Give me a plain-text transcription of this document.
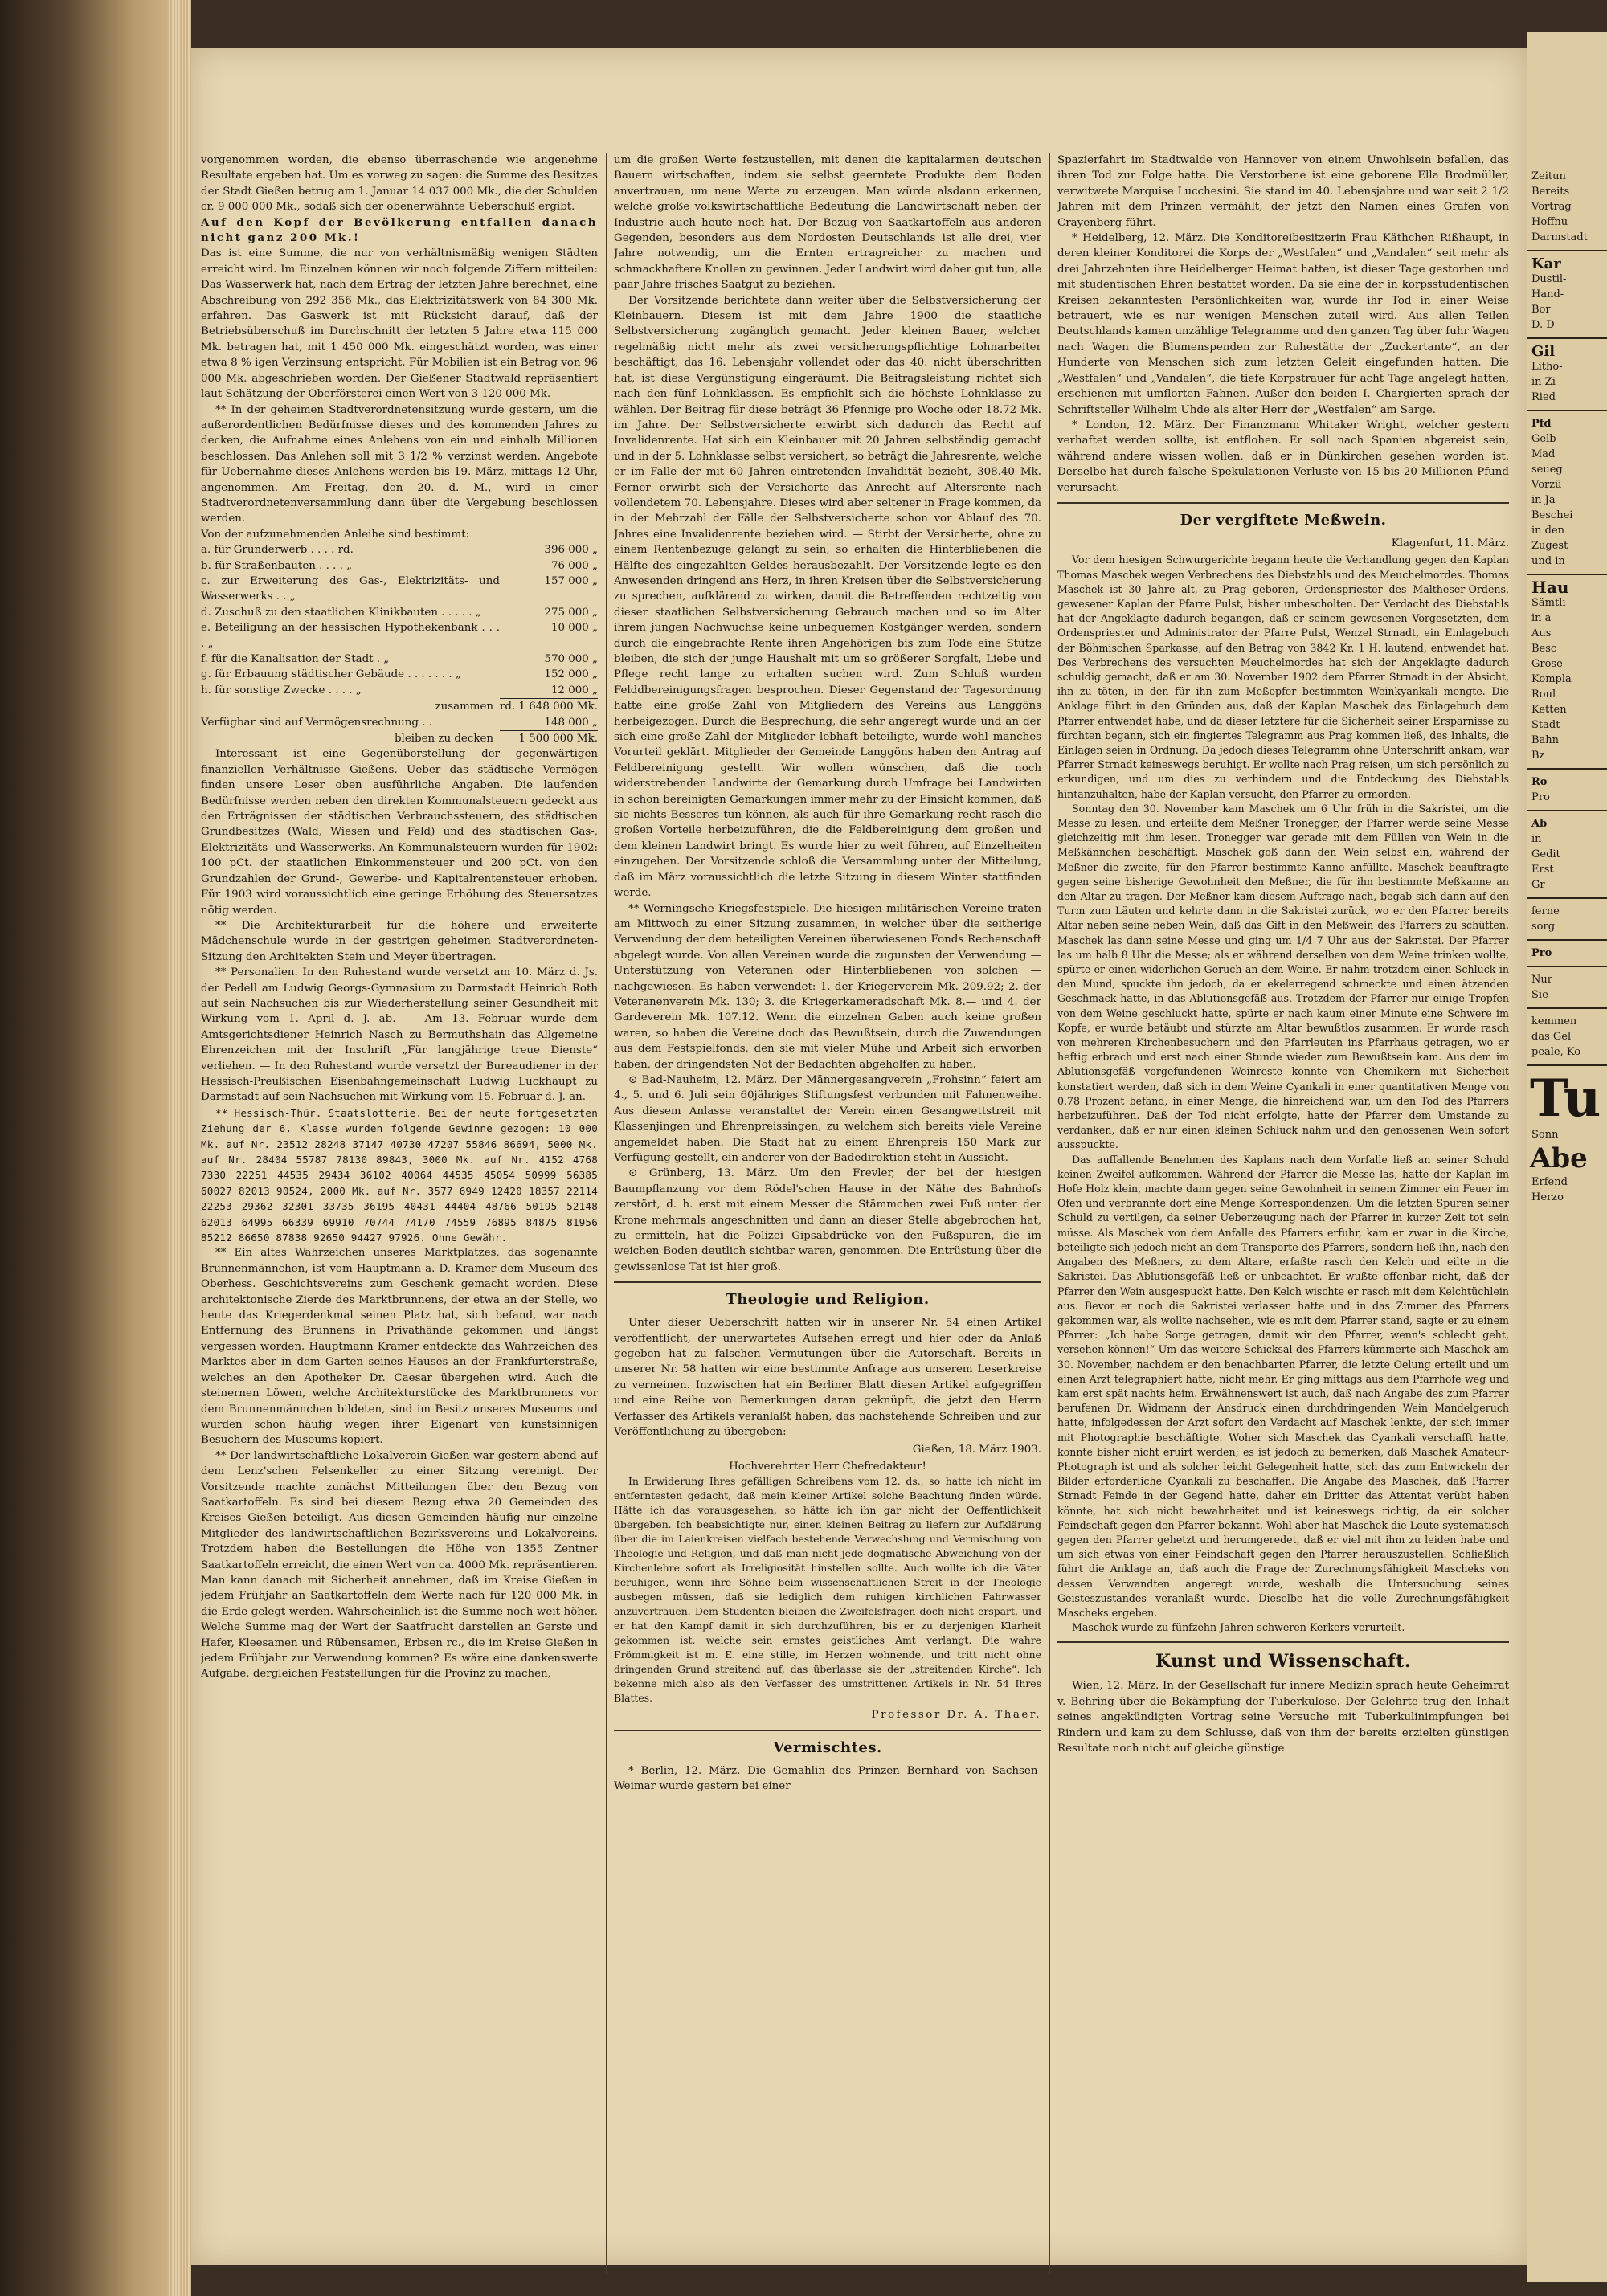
vorgenommen worden, die ebenso überraschende wie angenehme Resultate ergeben hat. Um es vorweg zu sagen: die Summe des Besitzes der Stadt Gießen betrug am 1. Januar 14 037 000 Mk., die der Schulden cr. 9 000 000 Mk., sodaß sich der obenerwähnte Ueberschuß ergibt.

Auf den Kopf der Bevölkerung entfallen danach nicht ganz 200 Mk.!

Das ist eine Summe, die nur von verhältnismäßig wenigen Städten erreicht wird. Im Einzelnen können wir noch folgende Ziffern mitteilen: Das Wasserwerk hat, nach dem Ertrag der letzten Jahre berechnet, eine Abschreibung von 292 356 Mk., das Elektrizitätswerk von 84 300 Mk. erfahren. Das Gaswerk ist mit Rücksicht darauf, daß der Betriebsüberschuß im Durchschnitt der letzten 5 Jahre etwa 115 000 Mk. betragen hat, mit 1 450 000 Mk. eingeschätzt worden, was einer etwa 8 % igen Verzinsung entspricht. Für Mobilien ist ein Betrag von 96 000 Mk. abgeschrieben worden. Der Gießener Stadtwald repräsentiert laut Schätzung der Oberförsterei einen Wert von 3 120 000 Mk.

** In der geheimen Stadtverordnetensitzung wurde gestern, um die außerordentlichen Bedürfnisse dieses und des kommenden Jahres zu decken, die Aufnahme eines Anlehens von ein und einhalb Millionen beschlossen. Das Anlehen soll mit 3 1/2 % verzinst werden. Angebote für Uebernahme dieses Anlehens werden bis 19. März, mittags 12 Uhr, angenommen. Am Freitag, den 20. d. M., wird in einer Stadtverordnetenversammlung dann über die Vergebung beschlossen werden.

Von der aufzunehmenden Anleihe sind bestimmt:

a. für Grunderwerb . . . . rd.	396 000 „
b. für Straßenbauten . . . . „	76 000 „
c. zur Erweiterung des Gas-, Elektrizitäts- und Wasserwerks . . „	157 000 „
d. Zuschuß zu den staatlichen Klinikbauten . . . . . „	275 000 „
e. Beteiligung an der hessischen Hypothekenbank . . . . „	10 000 „
f. für die Kanalisation der Stadt . „	570 000 „
g. für Erbauung städtischer Gebäude . . . . . . . „	152 000 „
h. für sonstige Zwecke . . . . „	12 000 „
zusammen	rd. 1 648 000 Mk.
Verfügbar sind auf Vermögensrechnung . .	148 000 „
bleiben zu decken	1 500 000 Mk.

Interessant ist eine Gegenüberstellung der gegenwärtigen finanziellen Verhältnisse Gießens. Ueber das städtische Vermögen finden unsere Leser oben ausführliche Angaben. Die laufenden Bedürfnisse werden neben den direkten Kommunalsteuern gedeckt aus den Erträgnissen der städtischen Verbrauchssteuern, des städtischen Grundbesitzes (Wald, Wiesen und Feld) und des städtischen Gas-, Elektrizitäts- und Wasserwerks. An Kommunalsteuern wurden für 1902: 100 pCt. der staatlichen Einkommensteuer und 200 pCt. von den Grundzahlen der Grund-, Gewerbe- und Kapitalrentensteuer erhoben. Für 1903 wird voraussichtlich eine geringe Erhöhung des Steuersatzes nötig werden.

** Die Architekturarbeit für die höhere und erweiterte Mädchenschule wurde in der gestrigen geheimen Stadtverordneten-Sitzung den Architekten Stein und Meyer übertragen.

** Personalien. In den Ruhestand wurde versetzt am 10. März d. Js. der Pedell am Ludwig Georgs-Gymnasium zu Darmstadt Heinrich Roth auf sein Nachsuchen bis zur Wiederherstellung seiner Gesundheit mit Wirkung vom 1. April d. J. ab. — Am 13. Februar wurde dem Amtsgerichtsdiener Heinrich Nasch zu Bermuthshain das Allgemeine Ehrenzeichen mit der Inschrift „Für langjährige treue Dienste“ verliehen. — In den Ruhestand wurde versetzt der Bureaudiener in der Hessisch-Preußischen Eisenbahngemeinschaft Ludwig Luckhaupt zu Darmstadt auf sein Nachsuchen mit Wirkung vom 15. Februar d. J. an.

** Hessisch-Thür. Staatslotterie. Bei der heute fortgesetzten Ziehung der 6. Klasse wurden folgende Gewinne gezogen: 10 000 Mk. auf Nr. 23512 28248 37147 40730 47207 55846 86694, 5000 Mk. auf Nr. 28404 55787 78130 89843, 3000 Mk. auf Nr. 4152 4768 7330 22251 44535 29434 36102 40064 44535 45054 50999 56385 60027 82013 90524, 2000 Mk. auf Nr. 3577 6949 12420 18357 22114 22253 29362 32301 33735 36195 40431 44404 48766 50195 52148 62013 64995 66339 69910 70744 74170 74559 76895 84875 81956 85212 86650 87838 92650 94427 97926. Ohne Gewähr.

** Ein altes Wahrzeichen unseres Marktplatzes, das sogenannte Brunnenmännchen, ist vom Hauptmann a. D. Kramer dem Museum des Oberhess. Geschichtsvereins zum Geschenk gemacht worden. Diese architektonische Zierde des Marktbrunnens, der etwa an der Stelle, wo heute das Kriegerdenkmal seinen Platz hat, sich befand, war nach Entfernung des Brunnens in Privathände gekommen und längst vergessen worden. Hauptmann Kramer entdeckte das Wahrzeichen des Marktes aber in dem Garten seines Hauses an der Frankfurterstraße, welches an den Apotheker Dr. Caesar übergehen wird. Auch die steinernen Löwen, welche Architekturstücke des Marktbrunnens vor dem Brunnenmännchen bildeten, sind im Besitz unseres Museums und wurden schon häufig wegen ihrer Eigenart von kunstsinnigen Besuchern des Museums kopiert.

** Der landwirtschaftliche Lokalverein Gießen war gestern abend auf dem Lenz'schen Felsenkeller zu einer Sitzung vereinigt. Der Vorsitzende machte zunächst Mitteilungen über den Bezug von Saatkartoffeln. Es sind bei diesem Bezug etwa 20 Gemeinden des Kreises Gießen beteiligt. Aus diesen Gemeinden häufig nur einzelne Mitglieder des landwirtschaftlichen Bezirksvereins und Lokalvereins. Trotzdem haben die Bestellungen die Höhe von 1355 Zentner Saatkartoffeln erreicht, die einen Wert von ca. 4000 Mk. repräsentieren. Man kann danach mit Sicherheit annehmen, daß im Kreise Gießen in jedem Frühjahr an Saatkartoffeln dem Werte nach für 120 000 Mk. in die Erde gelegt werden. Wahrscheinlich ist die Summe noch weit höher. Welche Summe mag der Wert der Saatfrucht darstellen an Gerste und Hafer, Kleesamen und Rübensamen, Erbsen rc., die im Kreise Gießen in jedem Frühjahr zur Verwendung kommen? Es wäre eine dankenswerte Aufgabe, dergleichen Feststellungen für die Provinz zu machen,

um die großen Werte festzustellen, mit denen die kapitalarmen deutschen Bauern wirtschaften, indem sie selbst geerntete Produkte dem Boden anvertrauen, um neue Werte zu erzeugen. Man würde alsdann erkennen, welche große volkswirtschaftliche Bedeutung die Landwirtschaft neben der Industrie auch heute noch hat. Der Bezug von Saatkartoffeln aus anderen Gegenden, besonders aus dem Nordosten Deutschlands ist alle drei, vier Jahre notwendig, um die Ernten ertragreicher zu machen und schmackhaftere Knollen zu gewinnen. Jeder Landwirt wird daher gut tun, alle paar Jahre frisches Saatgut zu beziehen.

Der Vorsitzende berichtete dann weiter über die Selbstversicherung der Kleinbauern. Diesem ist mit dem Jahre 1900 die staatliche Selbstversicherung zugänglich gemacht. Jeder kleinen Bauer, welcher regelmäßig nicht mehr als zwei versicherungspflichtige Lohnarbeiter beschäftigt, das 16. Lebensjahr vollendet oder das 40. nicht überschritten hat, ist diese Vergünstigung eingeräumt. Die Beitragsleistung richtet sich nach den fünf Lohnklassen. Es empfiehlt sich die höchste Lohnklasse zu wählen. Der Beitrag für diese beträgt 36 Pfennige pro Woche oder 18.72 Mk. im Jahre. Der Selbstversicherte erwirbt sich dadurch das Recht auf Invalidenrente. Hat sich ein Kleinbauer mit 20 Jahren selbständig gemacht und in der 5. Lohnklasse selbst versichert, so beträgt die Jahresrente, welche er im Falle der mit 60 Jahren eintretenden Invalidität bezieht, 308.40 Mk. Ferner erwirbt sich der Versicherte das Anrecht auf Altersrente nach vollendetem 70. Lebensjahre. Dieses wird aber seltener in Frage kommen, da in der Mehrzahl der Fälle der Selbstversicherte schon vor Ablauf des 70. Jahres eine Invalidenrente beziehen wird. — Stirbt der Versicherte, ohne zu einem Rentenbezuge gelangt zu sein, so erhalten die Hinterbliebenen die Hälfte des eingezahlten Geldes herausbezahlt. Der Vorsitzende legte es den Anwesenden dringend ans Herz, in ihren Kreisen über die Selbstversicherung zu sprechen, aufklärend zu wirken, damit die Betreffenden rechtzeitig von dieser staatlichen Selbstversicherung Gebrauch machen und so im Alter ihrem jungen Nachwuchse keine unbequemen Kostgänger werden, sondern durch die eingebrachte Rente ihren Angehörigen bis zum Tode eine Stütze bleiben, die sich der junge Haushalt mit um so größerer Sorgfalt, Liebe und Pflege recht lange zu erhalten suchen wird. Zum Schluß wurden Felddbereinigungsfragen besprochen. Dieser Gegenstand der Tagesordnung hatte eine große Zahl von Mitgliedern des Vereins aus Langgöns herbeigezogen. Durch die Besprechung, die sehr angeregt wurde und an der sich eine große Zahl der Mitglieder lebhaft beteiligte, wurde wohl manches Vorurteil geklärt. Mitglieder der Gemeinde Langgöns haben den Antrag auf Feldbereinigung gestellt. Wir wollen wünschen, daß die noch widerstrebenden Landwirte der Gemarkung durch Umfrage bei Landwirten in schon bereinigten Gemarkungen immer mehr zu der Einsicht kommen, daß sie nichts Besseres tun können, als auch für ihre Gemarkung recht rasch die großen Vorteile herbeizuführen, die die Feldbereinigung dem großen und dem kleinen Landwirt bringt. Es wurde hier zu weit führen, auf Einzelheiten einzugehen. Der Vorsitzende schloß die Versammlung unter der Mitteilung, daß im März voraussichtlich die letzte Sitzung in diesem Winter stattfinden werde.

** Werningsche Kriegsfestspiele. Die hiesigen militärischen Vereine traten am Mittwoch zu einer Sitzung zusammen, in welcher über die seitherige Verwendung der dem beteiligten Vereinen überwiesenen Fonds Rechenschaft abgelegt wurde. Von allen Vereinen wurde die zugunsten der Verwendung — Unterstützung von Veteranen oder Hinterbliebenen von solchen — nachgewiesen. Es haben verwendet: 1. der Kriegerverein Mk. 209.92; 2. der Veteranenverein Mk. 130; 3. die Kriegerkameradschaft Mk. 8.— und 4. der Gardeverein Mk. 107.12. Wenn die einzelnen Gaben auch keine großen waren, so haben die Vereine doch das Bewußtsein, durch die Zuwendungen aus dem Festspielfonds, den sie mit vieler Mühe und Arbeit sich erworben haben, der dringendsten Not der Bedachten abgeholfen zu haben.

⊙ Bad-Nauheim, 12. März. Der Männergesangverein „Frohsinn“ feiert am 4., 5. und 6. Juli sein 60jähriges Stiftungsfest verbunden mit Fahnenweihe. Aus diesem Anlasse veranstaltet der Verein einen Gesangwettstreit mit Klassenjingen und Ehrenpreissingen, zu welchem sich bereits viele Vereine angemeldet haben. Die Stadt hat zu einem Ehrenpreis 150 Mark zur Verfügung gestellt, ein anderer von der Badedirektion steht in Aussicht.

⊙ Grünberg, 13. März. Um den Frevler, der bei der hiesigen Baumpflanzung vor dem Rödel'schen Hause in der Nähe des Bahnhofs zerstört, d. h. erst mit einem Messer die Stämmchen zwei Fuß unter der Krone mehrmals angeschnitten und dann an dieser Stelle abgebrochen hat, zu ermitteln, hat die Polizei Gipsabdrücke von den Fußspuren, die im weichen Boden deutlich sichtbar waren, genommen. Die Entrüstung über die gewissenlose Tat ist hier groß.

Theologie und Religion.

Unter dieser Ueberschrift hatten wir in unserer Nr. 54 einen Artikel veröffentlicht, der unerwartetes Aufsehen erregt und hier oder da Anlaß gegeben hat zu falschen Vermutungen über die Autorschaft. Bereits in unserer Nr. 58 hatten wir eine bestimmte Anfrage aus unserem Leserkreise zu verneinen. Inzwischen hat ein Berliner Blatt diesen Artikel aufgegriffen und eine Reihe von Bemerkungen daran geknüpft, die jetzt den Herrn Verfasser des Artikels veranlaßt haben, das nachstehende Schreiben und zur Veröffentlichung zu übergeben:

Gießen, 18. März 1903.

Hochverehrter Herr Chefredakteur!

In Erwiderung Ihres gefälligen Schreibens vom 12. ds., so hatte ich nicht im entferntesten gedacht, daß mein kleiner Artikel solche Beachtung finden würde. Hätte ich das vorausgesehen, so hätte ich ihn gar nicht der Oeffentlichkeit übergeben. Ich beabsichtigte nur, einen kleinen Beitrag zu liefern zur Aufklärung über die im Laienkreisen vielfach bestehende Verwechslung und Vermischung von Theologie und Religion, und daß man nicht jede dogmatische Abweichung von der Kirchenlehre sofort als Irreligiosität hinstellen sollte. Auch wollte ich die Väter beruhigen, wenn ihre Söhne beim wissenschaftlichen Streit in der Theologie ausbegen müssen, daß sie lediglich dem ruhigen kirchlichen Fahrwasser anzuvertrauen. Dem Studenten bleiben die Zweifelsfragen doch nicht erspart, und er hat den Kampf damit in sich durchzuführen, bis er zu derjenigen Klarheit gekommen ist, welche sein ernstes geistliches Amt verlangt. Die wahre Frömmigkeit ist m. E. eine stille, im Herzen wohnende, und tritt nicht ohne dringenden Grund streitend auf, das überlasse sie der „streitenden Kirche“. Ich bekenne mich also als den Verfasser des umstrittenen Artikels in Nr. 54 Ihres Blattes.

Professor Dr. A. Thaer.
Vermischtes.

* Berlin, 12. März. Die Gemahlin des Prinzen Bernhard von Sachsen-Weimar wurde gestern bei einer

Spazierfahrt im Stadtwalde von Hannover von einem Unwohlsein befallen, das ihren Tod zur Folge hatte. Die Verstorbene ist eine geborene Ella Brodmüller, verwitwete Marquise Lucchesini. Sie stand im 40. Lebensjahre und war seit 2 1/2 Jahren mit dem Prinzen vermählt, der jetzt den Namen eines Grafen von Crayenberg führt.

* Heidelberg, 12. März. Die Konditoreibesitzerin Frau Käthchen Rißhaupt, in deren kleiner Konditorei die Korps der „Westfalen“ und „Vandalen“ seit mehr als drei Jahrzehnten ihre Heidelberger Heimat hatten, ist dieser Tage gestorben und mit studentischen Ehren bestattet worden. Da sie eine der in korpsstudentischen Kreisen bekanntesten Persönlichkeiten war, wurde ihr Tod in einer Weise betrauert, wie es nur wenigen Menschen zuteil wird. Aus allen Teilen Deutschlands kamen unzählige Telegramme und den ganzen Tag über fuhr Wagen nach Wagen die Blumenspenden zur Ruhestätte der „Zuckertante“, an der Hunderte von Menschen sich zum letzten Geleit eingefunden hatten. Die „Westfalen“ und „Vandalen“, die tiefe Korpstrauer für acht Tage angelegt hatten, erschienen mit umflorten Fahnen. Außer den beiden I. Chargierten sprach der Schriftsteller Wilhelm Uhde als alter Herr der „Westfalen“ am Sarge.

* London, 12. März. Der Finanzmann Whitaker Wright, welcher gestern verhaftet werden sollte, ist entflohen. Er soll nach Spanien abgereist sein, während andere wissen wollen, daß er in Dünkirchen gesehen worden ist. Derselbe hat durch falsche Spekulationen Verluste von 15 bis 20 Millionen Pfund verursacht.

Der vergiftete Meßwein.
Klagenfurt, 11. März.

Vor dem hiesigen Schwurgerichte begann heute die Verhandlung gegen den Kaplan Thomas Maschek wegen Verbrechens des Diebstahls und des Meuchelmordes. Thomas Maschek ist 30 Jahre alt, zu Prag geboren, Ordenspriester des Maltheser-Ordens, gewesener Kaplan der Pfarre Pulst, bisher unbescholten. Der Verdacht des Diebstahls hat der Angeklagte dadurch begangen, daß er seinem gewesenen Vorgesetzten, dem Ordenspriester und Administrator der Pfarre Pulst, Wenzel Strnadt, ein Einlagebuch der Böhmischen Sparkasse, auf den Betrag von 3842 Kr. 1 H. lautend, entwendet hat. Des Verbrechens des versuchten Meuchelmordes hat sich der Angeklagte dadurch schuldig gemacht, daß er am 30. November 1902 dem Pfarrer Strnadt in der Absicht, ihn zu töten, in den für ihn zum Meßopfer bestimmten Weinkyankali mengte. Die Anklage führt in den Gründen aus, daß der Kaplan Maschek das Einlagebuch dem Pfarrer entwendet habe, und da dieser letztere für die Sicherheit seiner Ersparnisse zu fürchten begann, sich ein fingiertes Telegramm aus Prag kommen ließ, des Inhalts, die Einlagen seien in Ordnung. Da jedoch dieses Telegramm ohne Unterschrift ankam, war Pfarrer Strnadt keineswegs beruhigt. Er wollte nach Prag reisen, um sich persönlich zu erkundigen, und um dies zu verhindern und die Entdeckung des Diebstahls hintanzuhalten, habe der Kaplan versucht, den Pfarrer zu ermorden.

Sonntag den 30. November kam Maschek um 6 Uhr früh in die Sakristei, um die Messe zu lesen, und erteilte dem Meßner Tronegger, der Pfarrer werde seine Messe gleichzeitig mit ihm lesen. Tronegger war gerade mit dem Füllen von Wein in die Meßkännchen beschäftigt. Maschek goß dann den Wein selbst ein, während der Meßner die zweite, für den Pfarrer bestimmte Kanne anfüllte. Maschek beauftragte gegen seine bisherige Gewohnheit den Meßner, die für ihn bestimmte Meßkanne an den Altar zu tragen. Der Meßner kam diesem Auftrage nach, begab sich dann auf den Turm zum Läuten und kehrte dann in die Sakristei zurück, wo er den Pfarrer bereits Altar neben seine neben Wein, daß das Gift in den Meßwein des Pfarrers zu schütten. Maschek las dann seine Messe und ging um 1/4 7 Uhr aus der Sakristei. Der Pfarrer las um halb 8 Uhr die Messe; als er während derselben von dem Weine trinken wollte, spürte er einen widerlichen Geruch an dem Weine. Er nahm trotzdem einen Schluck in den Mund, spuckte ihn jedoch, da er ekelerregend schmeckte und einen ätzenden Geschmack hatte, in das Ablutionsgefäß aus. Trotzdem der Pfarrer nur einige Tropfen von dem Weine geschluckt hatte, spürte er nach kaum einer Minute eine Schwere im Kopfe, er wurde betäubt und stürzte am Altar bewußtlos zusammen. Er wurde rasch von mehreren Kirchenbesuchern und den Pfarrleuten ins Pfarrhaus getragen, wo er heftig erbrach und erst nach einer Stunde wieder zum Bewußtsein kam. Aus dem im Ablutionsgefäß vorgefundenen Weinreste konnte von Chemikern mit Sicherheit konstatiert werden, daß sich in dem Weine Cyankali in einer quantitativen Menge von 0.78 Prozent befand, in einer Menge, die hinreichend war, um den Tod des Pfarrers herbeizuführen. Daß der Tod nicht erfolgte, hatte der Pfarrer dem Umstande zu verdanken, daß er nur einen kleinen Schluck nahm und den genossenen Wein sofort ausspuckte.

Das auffallende Benehmen des Kaplans nach dem Vorfalle ließ an seiner Schuld keinen Zweifel aufkommen. Während der Pfarrer die Messe las, hatte der Kaplan im Hofe Holz klein, machte dann gegen seine Gewohnheit in seinem Zimmer ein Feuer im Ofen und verbrannte dort eine Menge Korrespondenzen. Um die letzten Spuren seiner Schuld zu vertilgen, da seiner Ueberzeugung nach der Pfarrer in kurzer Zeit tot sein müsse. Als Maschek von dem Anfalle des Pfarrers erfuhr, kam er zwar in die Kirche, beteiligte sich jedoch nicht an dem Transporte des Pfarrers, sondern ließ ihn, nach den Angaben des Meßners, zu dem Altare, erfaßte rasch den Kelch und eilte in die Sakristei. Das Ablutionsgefäß ließ er unbeachtet. Er wußte offenbar nicht, daß der Pfarrer den Wein ausgespuckt hatte. Den Kelch wischte er rasch mit dem Kelchtüchlein aus. Bevor er noch die Sakristei verlassen hatte und in das Zimmer des Pfarrers gekommen war, als wollte nachsehen, wie es mit dem Pfarrer stand, sagte er zu einem Pfarrer: „Ich habe Sorge getragen, damit wir den Pfarrer, wenn's schlecht geht, versehen können!“ Um das weitere Schicksal des Pfarrers kümmerte sich Maschek am 30. November, nachdem er den benachbarten Pfarrer, die letzte Oelung erteilt und um einen Arzt telegraphiert hatte, nicht mehr. Er ging mittags aus dem Pfarrhofe weg und kam erst spät nachts heim. Erwähnenswert ist auch, daß nach Angabe des zum Pfarrer berufenen Dr. Widmann der Ansdruck einen durchdringenden Wein Mandelgeruch hatte, infolgedessen der Arzt sofort den Verdacht auf Maschek lenkte, der sich immer mit Photographie beschäftigte. Woher sich Maschek das Cyankali verschafft hatte, konnte bisher nicht eruirt werden; es ist jedoch zu bemerken, daß Maschek Amateur-Photograph ist und als solcher leicht Gelegenheit hatte, sich das zum Entwickeln der Bilder erforderliche Cyankali zu beschaffen. Die Angabe des Maschek, daß Pfarrer Strnadt Feinde in der Gegend hatte, daher ein Dritter das Attentat verübt haben könnte, hat sich nicht bewahrheitet und ist keineswegs richtig, da ein solcher Feindschaft gegen den Pfarrer bekannt. Wohl aber hat Maschek die Leute systematisch gegen den Pfarrer gehetzt und herumgeredet, daß er viel mit ihm zu leiden habe und um sich etwas von einer Feindschaft gegen den Pfarrer herauszustellen. Schließlich führt die Anklage an, daß auch die Frage der Zurechnungsfähigkeit Mascheks von dessen Verwandten angeregt wurde, weshalb die Untersuchung seines Geisteszustandes veranlaßt wurde. Dieselbe hat die volle Zurechnungsfähigkeit Mascheks ergeben.

Maschek wurde zu fünfzehn Jahren schweren Kerkers verurteilt.

Kunst und Wissenschaft.

Wien, 12. März. In der Gesellschaft für innere Medizin sprach heute Geheimrat v. Behring über die Bekämpfung der Tuberkulose. Der Gelehrte trug den Inhalt seines angekündigten Vortrag seine Versuche mit Tuberkulinimpfungen bei Rindern und kam zu dem Schlusse, daß von ihm der bereits erzielten günstigen Resultate noch nicht auf gleiche günstige

Zeitun
Bereits
Vortrag
Hoffnu
Darmstadt
Kar
Dustil-
Hand-
Bor
D. D
Gil
Litho-
in Zi
Ried
Pfd
Gelb
Mad
seueg
Vorzü
in Ja
Beschei
in den
Zugest
und in
Hau
Sämtli
in a
Aus
Besc
Grose
Kompla
Roul
Ketten
Stadt
Bahn
Bz
Ro
Pro
Ab
in
Gedit
Erst
Gr
ferne
sorg
Pro
Nur
Sie
kemmen
das Gel
peale, Ko
Tu
Sonn
Abe
Erfend
Herzo
